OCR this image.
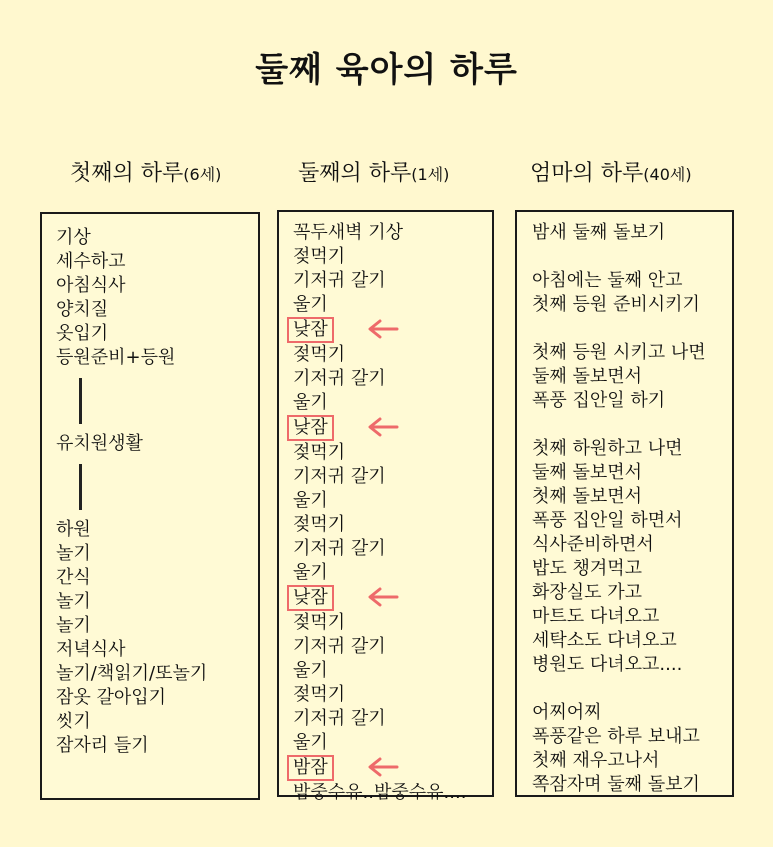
둘째 육아의 하루
첫째의 하루(6세)	둘째의 하루(1세)	엄마의 하루(40세)
기상
세수하고
아침식사
양치질
옷입기
등원준비+등원
유치원생활
하원
놀기
간식
놀기
놀기
저녁식사
놀기/책읽기/또놀기
잠옷 갈아입기
씻기
잠자리 들기
꼭두새벽 기상
젖먹기
기저귀 갈기
울기
낮잠
젖먹기
기저귀 갈기
울기
낮잠
젖먹기
기저귀 갈기
울기
젖먹기
기저귀 갈기
울기
낮잠
젖먹기
기저귀 갈기
울기
젖먹기
기저귀 갈기
울기
밤잠
밤중수유..밤중수유....
밤새 둘째 돌보기
아침에는 둘째 안고
첫째 등원 준비시키기
첫째 등원 시키고 나면
둘째 돌보면서
폭풍 집안일 하기
첫째 하원하고 나면
둘째 돌보면서
첫째 돌보면서
폭풍 집안일 하면서
식사준비하면서
밥도 챙겨먹고
화장실도 가고
마트도 다녀오고
세탁소도 다녀오고
병원도 다녀오고....
어찌어찌
폭풍같은 하루 보내고
첫째 재우고나서
쪽잠자며 둘째 돌보기
